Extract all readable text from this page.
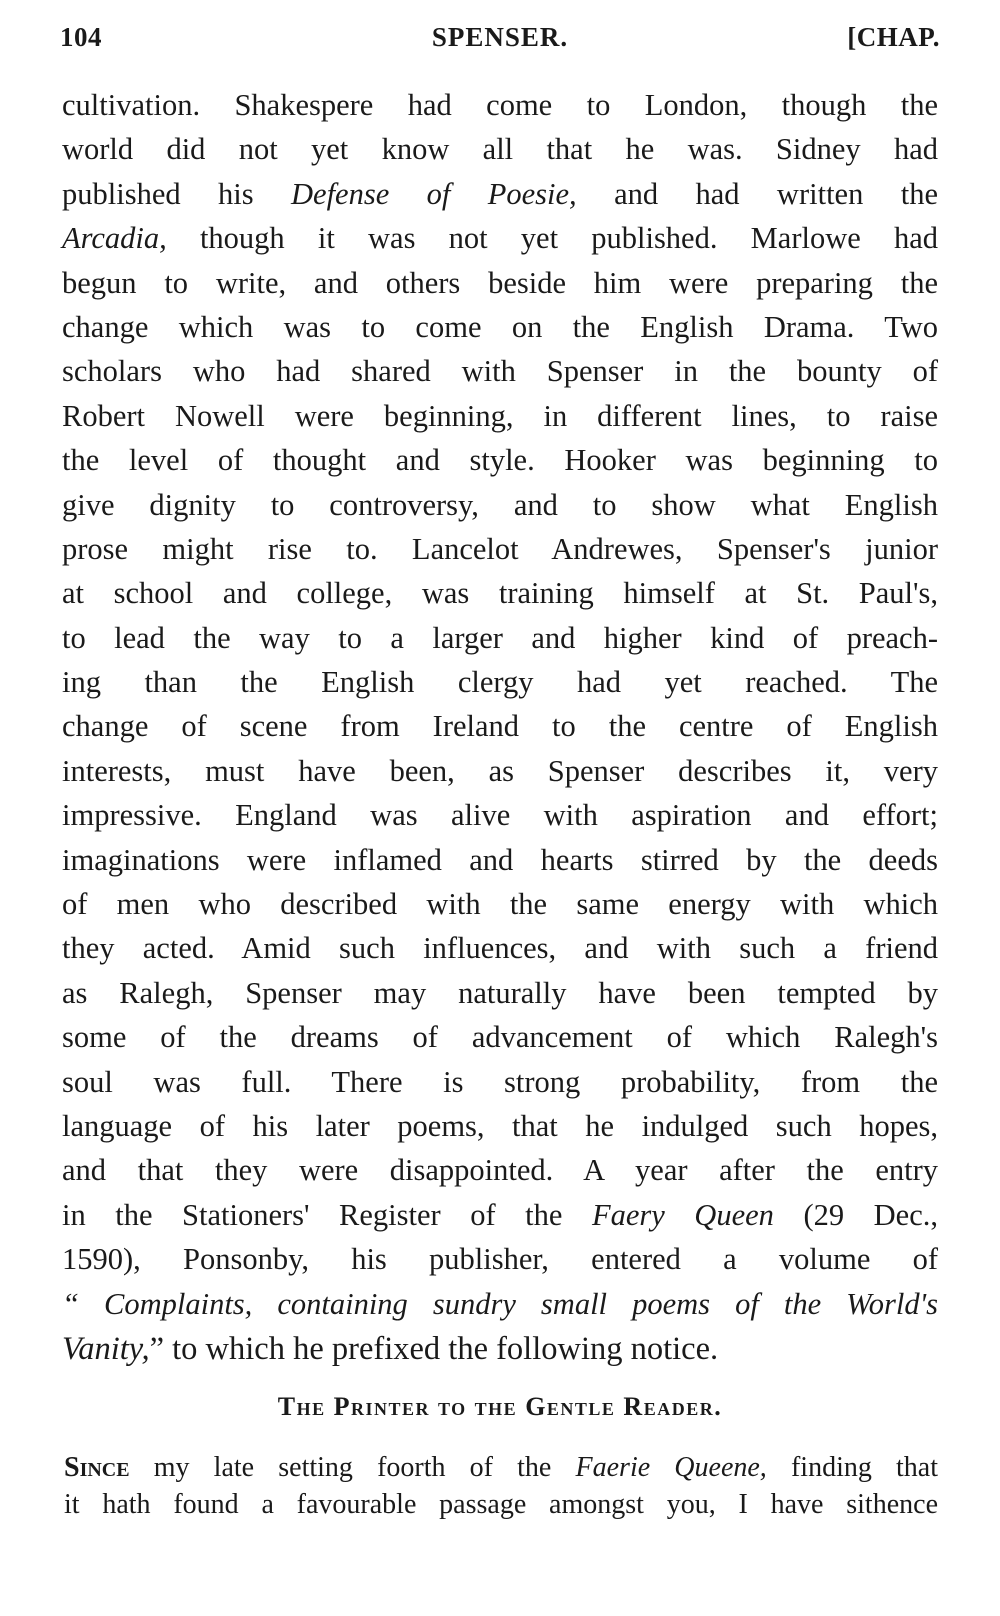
104	SPENSER.	[CHAP.
cultivation. Shakespere had come to London, though the
world did not yet know all that he was. Sidney had
published his Defense of Poesie, and had written the
Arcadia, though it was not yet published. Marlowe had
begun to write, and others beside him were preparing the
change which was to come on the English Drama. Two
scholars who had shared with Spenser in the bounty of
Robert Nowell were beginning, in different lines, to raise
the level of thought and style. Hooker was beginning to
give dignity to controversy, and to show what English
prose might rise to. Lancelot Andrewes, Spenser's junior
at school and college, was training himself at St. Paul's,
to lead the way to a larger and higher kind of preach-
ing than the English clergy had yet reached. The
change of scene from Ireland to the centre of English
interests, must have been, as Spenser describes it, very
impressive. England was alive with aspiration and effort;
imaginations were inflamed and hearts stirred by the deeds
of men who described with the same energy with which
they acted. Amid such influences, and with such a friend
as Ralegh, Spenser may naturally have been tempted by
some of the dreams of advancement of which Ralegh's
soul was full. There is strong probability, from the
language of his later poems, that he indulged such hopes,
and that they were disappointed. A year after the entry
in the Stationers' Register of the Faery Queen (29 Dec.,
1590), Ponsonby, his publisher, entered a volume of
“ Complaints, containing sundry small poems of the World's
Vanity,” to which he prefixed the following notice.
The Printer to the Gentle Reader.
Since my late setting foorth of the Faerie Queene, finding that
it hath found a favourable passage amongst you, I have sithence
